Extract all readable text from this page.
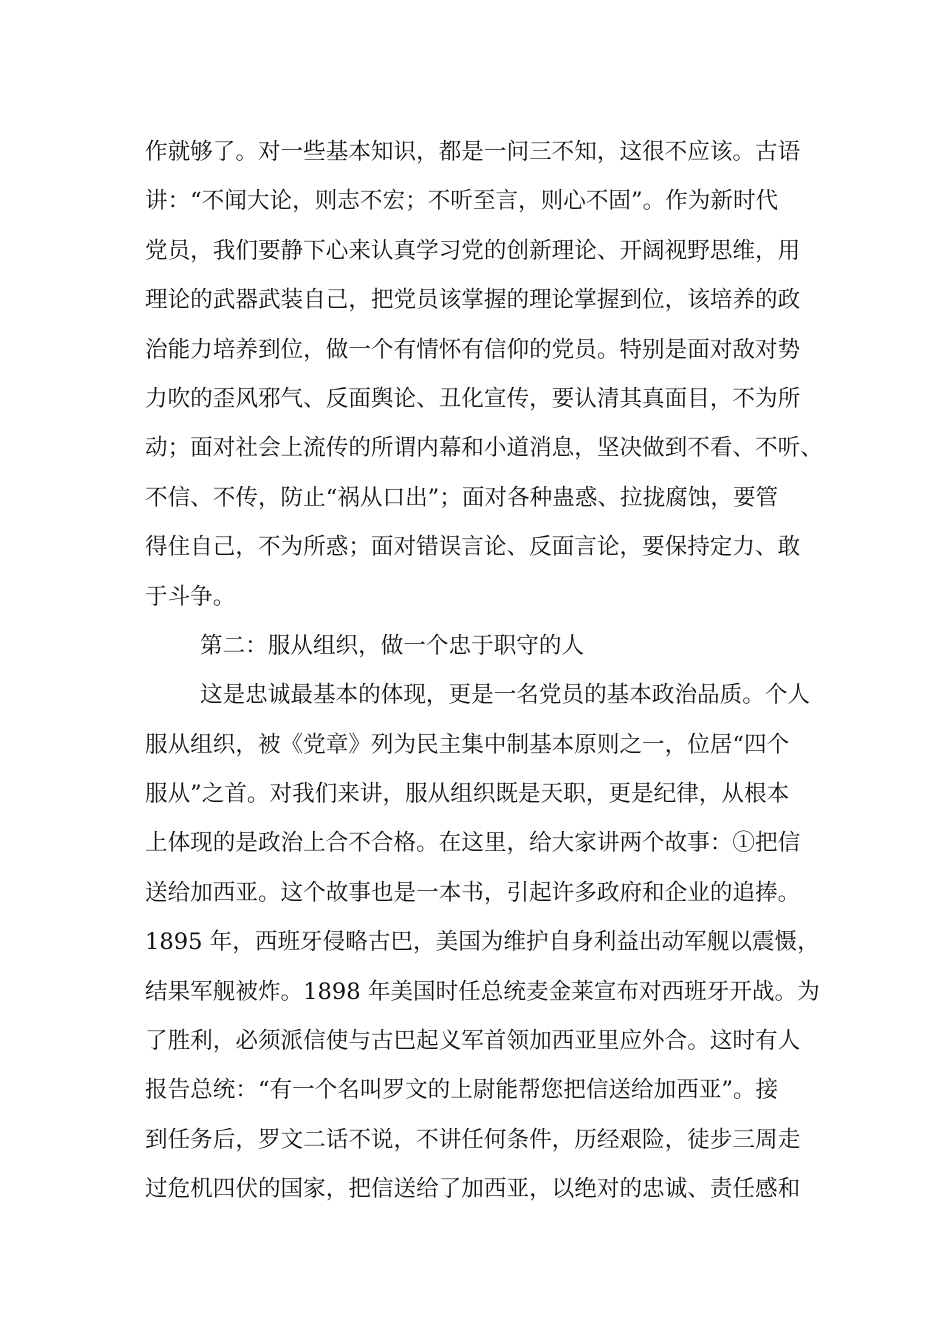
作就够了。对一些基本知识，都是一问三不知，这很不应该。古语
讲：“不闻大论，则志不宏；不听至言，则心不固”。作为新时代
党员，我们要静下心来认真学习党的创新理论、开阔视野思维，用
理论的武器武装自己，把党员该掌握的理论掌握到位，该培养的政
治能力培养到位，做一个有情怀有信仰的党员。特别是面对敌对势
力吹的歪风邪气、反面舆论、丑化宣传，要认清其真面目，不为所
动；面对社会上流传的所谓内幕和小道消息，坚决做到不看、不听、
不信、不传，防止“祸从口出”；面对各种蛊惑、拉拢腐蚀，要管
得住自己，不为所惑；面对错误言论、反面言论，要保持定力、敢
于斗争。
第二：服从组织，做一个忠于职守的人
这是忠诚最基本的体现，更是一名党员的基本政治品质。个人
服从组织，被《党章》列为民主集中制基本原则之一，位居“四个
服从”之首。对我们来讲，服从组织既是天职，更是纪律，从根本
上体现的是政治上合不合格。在这里，给大家讲两个故事：①把信
送给加西亚。这个故事也是一本书，引起许多政府和企业的追捧。
1895 年，西班牙侵略古巴，美国为维护自身利益出动军舰以震慑，
结果军舰被炸。1898 年美国时任总统麦金莱宣布对西班牙开战。为
了胜利，必须派信使与古巴起义军首领加西亚里应外合。这时有人
报告总统：“有一个名叫罗文的上尉能帮您把信送给加西亚”。接
到任务后，罗文二话不说，不讲任何条件，历经艰险，徒步三周走
过危机四伏的国家，把信送给了加西亚，以绝对的忠诚、责任感和
